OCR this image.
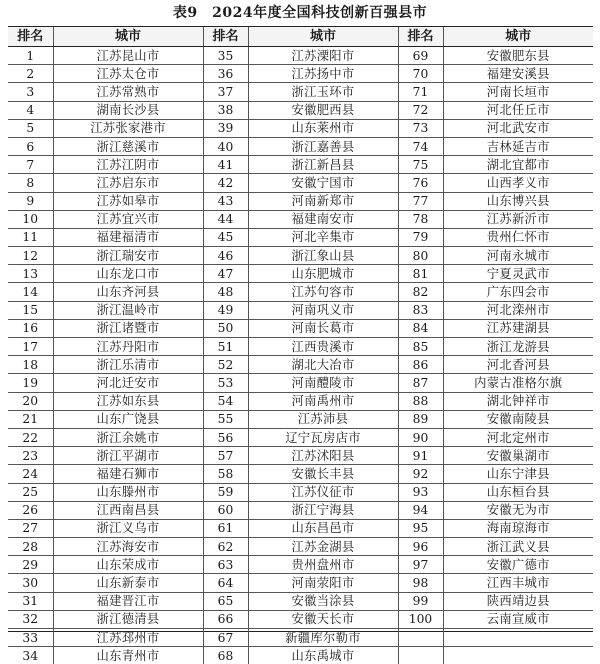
表9　2024年度全国科技创新百强县市
排名	城市	排名	城市	排名	城市
1	江苏昆山市	35	江苏溧阳市	69	安徽肥东县
2	江苏太仓市	36	江苏扬中市	70	福建安溪县
3	江苏常熟市	37	浙江玉环市	71	河南长垣市
4	湖南长沙县	38	安徽肥西县	72	河北任丘市
5	江苏张家港市	39	山东莱州市	73	河北武安市
6	浙江慈溪市	40	浙江嘉善县	74	吉林延吉市
7	江苏江阴市	41	浙江新昌县	75	湖北宜都市
8	江苏启东市	42	安徽宁国市	76	山西孝义市
9	江苏如皋市	43	河南新郑市	77	山东博兴县
10	江苏宜兴市	44	福建南安市	78	江苏新沂市
11	福建福清市	45	河北辛集市	79	贵州仁怀市
12	浙江瑞安市	46	浙江象山县	80	河南永城市
13	山东龙口市	47	山东肥城市	81	宁夏灵武市
14	山东齐河县	48	江苏句容市	82	广东四会市
15	浙江温岭市	49	河南巩义市	83	河北滦州市
16	浙江诸暨市	50	河南长葛市	84	江苏建湖县
17	江苏丹阳市	51	江西贵溪市	85	浙江龙游县
18	浙江乐清市	52	湖北大冶市	86	河北香河县
19	河北迁安市	53	河南醴陵市	87	内蒙古准格尔旗
20	江苏如东县	54	河南禹州市	88	湖北钟祥市
21	山东广饶县	55	江苏沛县	89	安徽南陵县
22	浙江余姚市	56	辽宁瓦房店市	90	河北定州市
23	浙江平湖市	57	江苏沭阳县	91	安徽巢湖市
24	福建石狮市	58	安徽长丰县	92	山东宁津县
25	山东滕州市	59	江苏仪征市	93	山东桓台县
26	江西南昌县	60	浙江宁海县	94	安徽无为市
27	浙江义乌市	61	山东昌邑市	95	海南琼海市
28	江苏海安市	62	江苏金湖县	96	浙江武义县
29	山东荣成市	63	贵州盘州市	97	安徽广德市
30	山东新泰市	64	河南荥阳市	98	江西丰城市
31	福建晋江市	65	安徽当涂县	99	陕西靖边县
32	浙江德清县	66	安徽天长市	100	云南宣威市
33	江苏邳州市	67	新疆库尔勒市		
34	山东青州市	68	山东禹城市		
